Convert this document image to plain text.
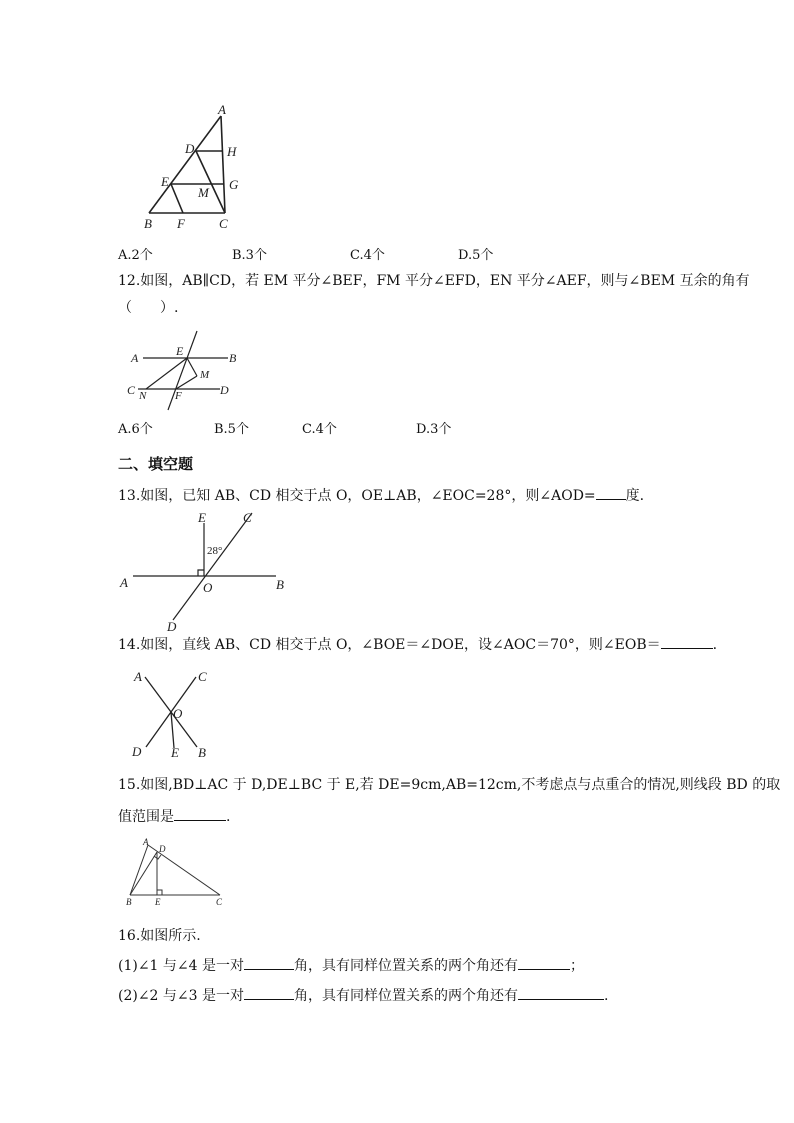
A
D	H
E	G
M
B F	C
A.2个	B.3个	C.4个	D.5个
12.如图，AB∥CD，若 EM 平分∠BEF，FM 平分∠EFD，EN 平分∠AEF，则与∠BEM 互余的角有
（　　）.
A	E	B
M
C N	F	D
A.6个	B.5个	C.4个	D.3个
二、填空题
13.如图，已知 AB、CD 相交于点 O，OE⊥AB，∠EOC=28°，则∠AOD= 度.
E	C
28°
A	O	B
D
14.如图，直线 AB、CD 相交于点 O，∠BOE＝∠DOE，设∠AOC＝70°，则∠EOB＝	.
A	C
O
D E B
15.如图,BD⊥AC 于 D,DE⊥BC 于 E,若 DE=9cm,AB=12cm,不考虑点与点重合的情况,则线段 BD 的取
值范围是	.
A
D
B	E	C
16.如图所示.
(1)∠1 与∠4 是一对	角，具有同样位置关系的两个角还有	；
(2)∠2 与∠3 是一对	角，具有同样位置关系的两个角还有	.
